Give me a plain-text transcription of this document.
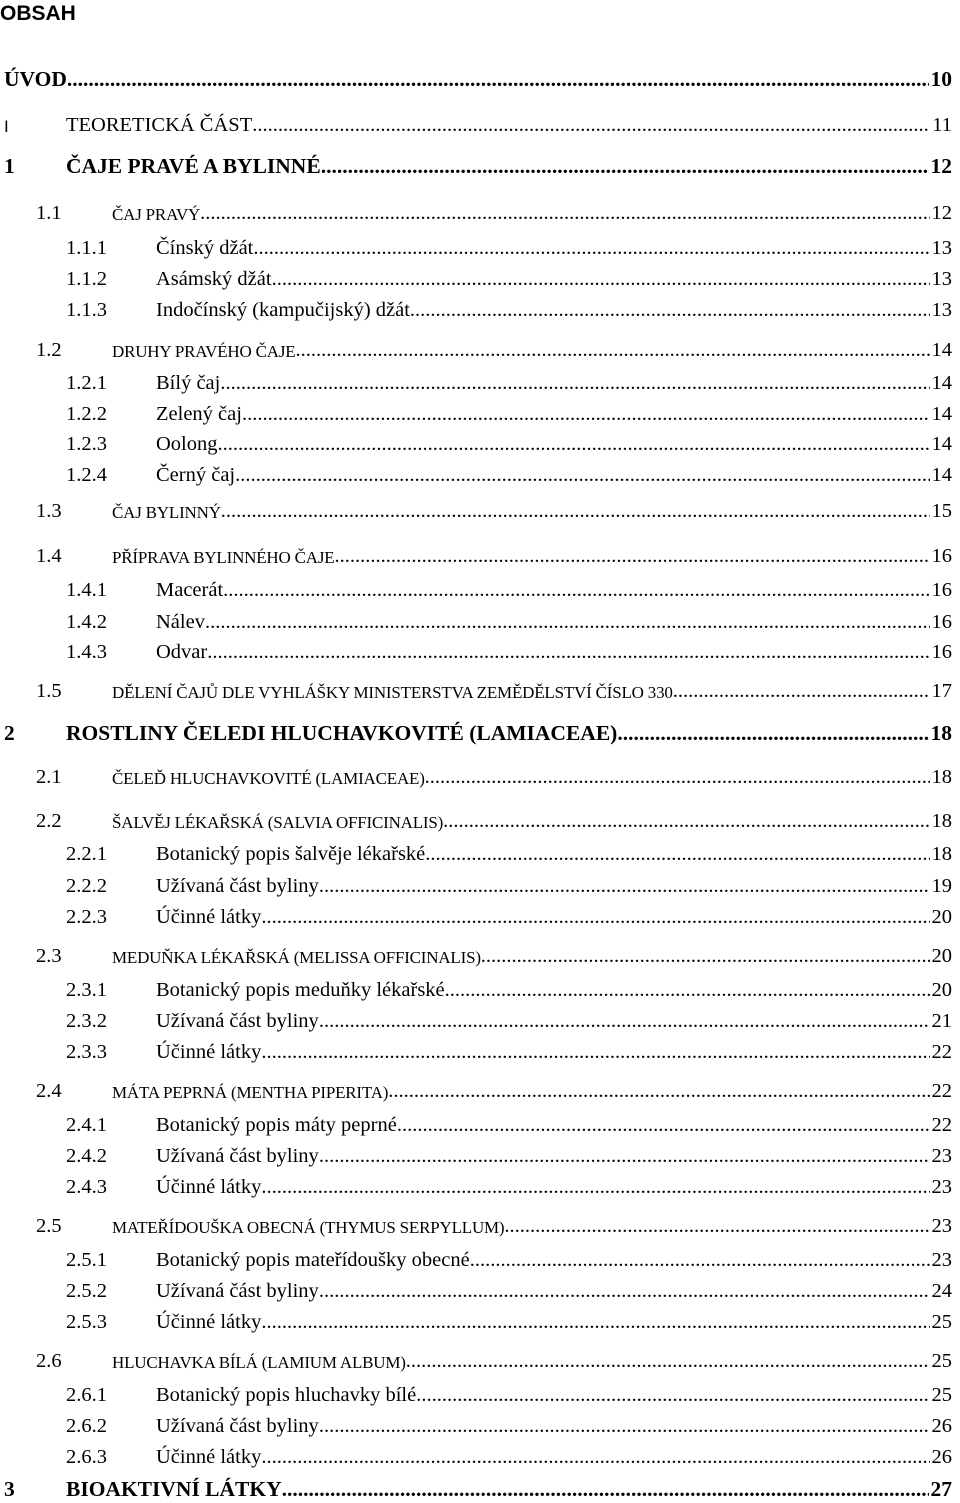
OBSAH
ÚVOD .....	10
I	TEORETICKÁ ČÁST .....	11
1 ČAJE PRAVÉ A BYLINNÉ .....	12
1.1	ČAJ PRAVÝ .....	12
1.1.1 Čínský džát .....	13
1.1.2 Asámský džát .....	13
1.1.3 Indočínský (kampučijský) džát .....	13
1.2	DRUHY PRAVÉHO ČAJE .....	14
1.2.1 Bílý čaj .....	14
1.2.2 Zelený čaj .....	14
1.2.3 Oolong .....	14
1.2.4 Černý čaj .....	14
1.3	ČAJ BYLINNÝ .....	15
1.4	PŘÍPRAVA BYLINNÉHO ČAJE .....	16
1.4.1 Macerát .....	16
1.4.2 Nálev .....	16
1.4.3 Odvar .....	16
1.5	DĚLENÍ ČAJŮ DLE VYHLÁŠKY MINISTERSTVA ZEMĚDĚLSTVÍ ČÍSLO 330 .....	17
2 ROSTLINY ČELEDI HLUCHAVKOVITÉ (LAMIACEAE) .....	18
2.1	ČELEĎ HLUCHAVKOVITÉ (LAMIACEAE) .....	18
2.2	ŠALVĚJ LÉKAŘSKÁ (SALVIA OFFICINALIS) .....	18
2.2.1 Botanický popis šalvěje lékařské .....	18
2.2.2 Užívaná část byliny .....	19
2.2.3 Účinné látky .....	20
2.3	MEDUŇKA LÉKAŘSKÁ (MELISSA OFFICINALIS) .....	20
2.3.1 Botanický popis meduňky lékařské .....	20
2.3.2 Užívaná část byliny .....	21
2.3.3 Účinné látky .....	22
2.4	MÁTA PEPRNÁ (MENTHA PIPERITA) .....	22
2.4.1 Botanický popis máty peprné .....	22
2.4.2 Užívaná část byliny .....	23
2.4.3 Účinné látky .....	23
2.5	MATEŘÍDOUŠKA OBECNÁ (THYMUS SERPYLLUM) .....	23
2.5.1 Botanický popis mateřídoušky obecné .....	23
2.5.2 Užívaná část byliny .....	24
2.5.3 Účinné látky .....	25
2.6	HLUCHAVKA BÍLÁ (LAMIUM ALBUM) .....	25
2.6.1 Botanický popis hluchavky bílé .....	25
2.6.2 Užívaná část byliny .....	26
2.6.3 Účinné látky .....	26
3 BIOAKTIVNÍ LÁTKY .....	27
